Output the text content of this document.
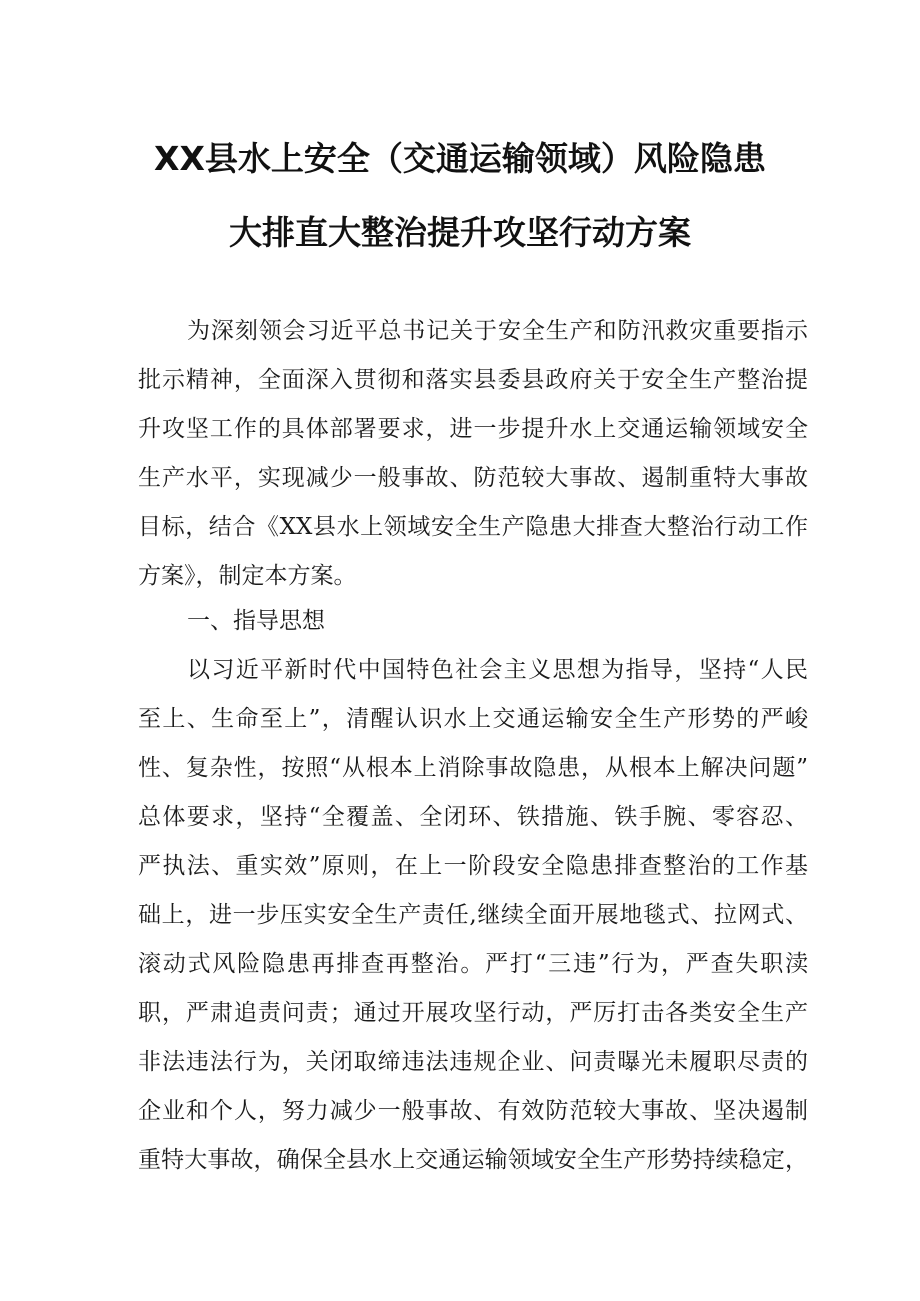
XX县水上安全（交通运输领域）风险隐患
大排直大整治提升攻坚行动方案
为深刻领会习近平总书记关于安全生产和防汛救灾重要指示
批示精神，全面深入贯彻和落实县委县政府关于安全生产整治提
升攻坚工作的具体部署要求，进一步提升水上交通运输领域安全
生产水平，实现减少一般事故、防范较大事故、遏制重特大事故
目标，结合《XX县水上领域安全生产隐患大排查大整治行动工作
方案》，制定本方案。
一、指导思想
以习近平新时代中国特色社会主义思想为指导，坚持“人民
至上、生命至上”，清醒认识水上交通运输安全生产形势的严峻
性、复杂性，按照“从根本上消除事故隐患，从根本上解决问题”
总体要求，坚持“全覆盖、全闭环、铁措施、铁手腕、零容忍、
严执法、重实效”原则，在上一阶段安全隐患排查整治的工作基
础上，进一步压实安全生产责任,继续全面开展地毯式、拉网式、
滚动式风险隐患再排查再整治。严打“三违”行为，严查失职渎
职，严肃追责问责；通过开展攻坚行动，严厉打击各类安全生产
非法违法行为，关闭取缔违法违规企业、问责曝光未履职尽责的
企业和个人，努力减少一般事故、有效防范较大事故、坚决遏制
重特大事故，确保全县水上交通运输领域安全生产形势持续稳定，
